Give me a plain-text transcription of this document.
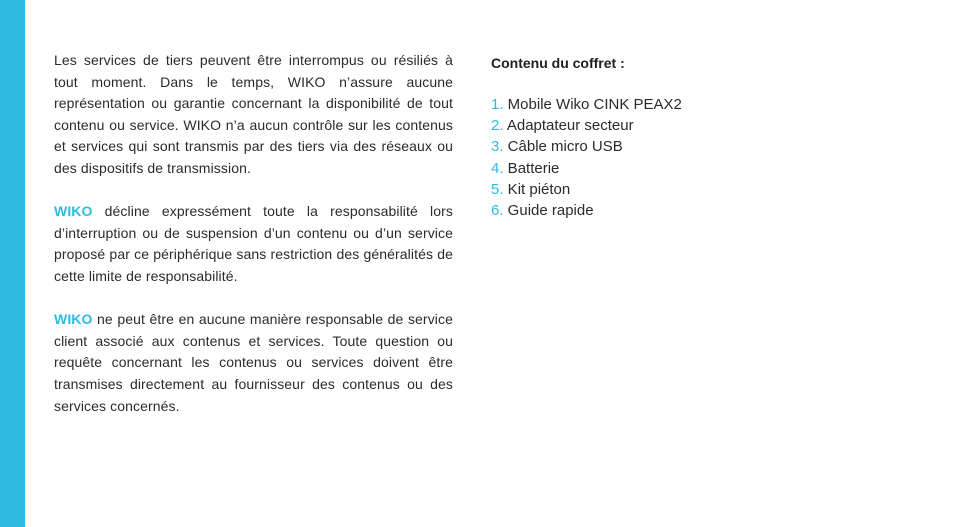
Les services de tiers peuvent être interrompus ou résiliés à tout moment. Dans le temps, WIKO n’assure aucune représentation ou garantie concernant la disponibilité de tout contenu ou service. WIKO n’a aucun contrôle sur les contenus et services qui sont transmis par des tiers via des réseaux ou des dispositifs de transmission.

WIKO décline expressément toute la responsabilité lors d’interruption ou de suspension d’un contenu ou d’un service proposé par ce périphérique sans restriction des généralités de cette limite de responsabilité.

WIKO ne peut être en aucune manière responsable de service client associé aux contenus et services. Toute question ou requête concernant les contenus ou services doivent être transmises directement au fournisseur des contenus ou des services concernés.

Contenu du coffret :
1. Mobile Wiko CINK PEAX2
2. Adaptateur secteur
3. Câble micro USB
4. Batterie
5. Kit piéton
6. Guide rapide
